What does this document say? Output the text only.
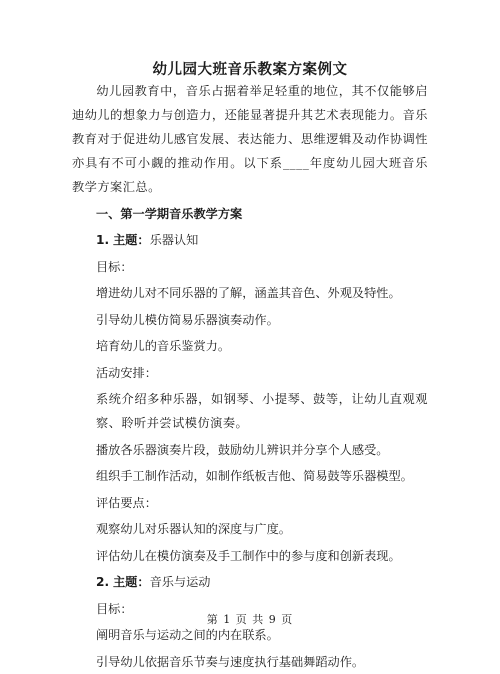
幼儿园大班音乐教案方案例文

幼儿园教育中，音乐占据着举足轻重的地位，其不仅能够启迪幼儿的想象力与创造力，还能显著提升其艺术表现能力。音乐教育对于促进幼儿感官发展、表达能力、思维逻辑及动作协调性亦具有不可小觑的推动作用。以下系____年度幼儿园大班音乐教学方案汇总。

一、第一学期音乐教学方案

1. 主题：乐器认知

目标：

增进幼儿对不同乐器的了解，涵盖其音色、外观及特性。

引导幼儿模仿简易乐器演奏动作。

培育幼儿的音乐鉴赏力。

活动安排：

系统介绍多种乐器，如钢琴、小提琴、鼓等，让幼儿直观观察、聆听并尝试模仿演奏。

播放各乐器演奏片段，鼓励幼儿辨识并分享个人感受。

组织手工制作活动，如制作纸板吉他、简易鼓等乐器模型。

评估要点：

观察幼儿对乐器认知的深度与广度。

评估幼儿在模仿演奏及手工制作中的参与度和创新表现。

2. 主题：音乐与运动

目标：

阐明音乐与运动之间的内在联系。

引导幼儿依据音乐节奏与速度执行基础舞蹈动作。

第 1 页 共 9 页
